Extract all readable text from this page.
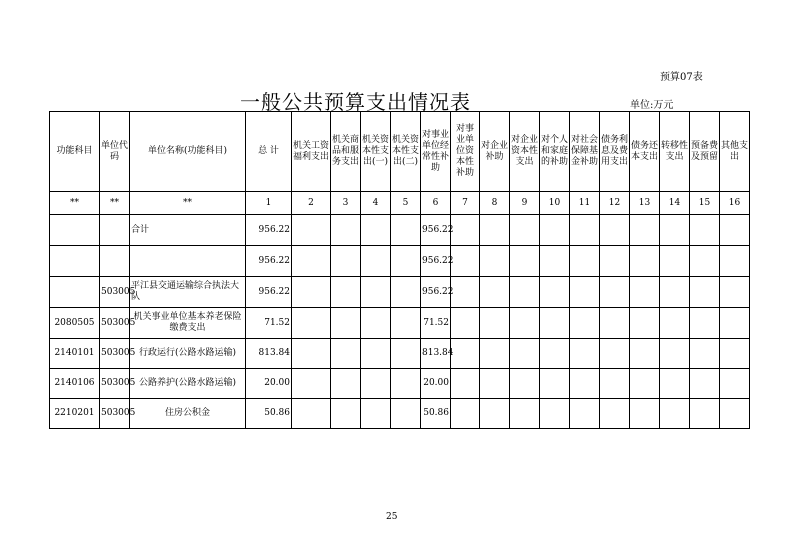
预算07表
一般公共预算支出情况表	单位:万元
功能科目	单位代码	单位名称(功能科目)	总 计	机关工资福利支出	机关商品和服务支出	机关资本性支出(一)	机关资本性支出(二)	对事业单位经常性补助	对事业单位资本性补助	对企业补助	对企业资本性支出	对个人和家庭的补助	对社会保障基金补助	债务利息及费用支出	债务还本支出	转移性支出	预备费及预留	其他支出
**	**	**	1	2	3	4	5	6	7	8	9	10	11	12	13	14	15	16
		合计	956.22					956.22										
			956.22					956.22										
	503005	平江县交通运输综合执法大队	956.22					956.22										
2080505	503005	机关事业单位基本养老保险缴费支出	71.52					71.52										
2140101	503005	行政运行(公路水路运输)	813.84					813.84										
2140106	503005	公路养护(公路水路运输)	20.00					20.00										
2210201	503005	住房公积金	50.86					50.86										
25
